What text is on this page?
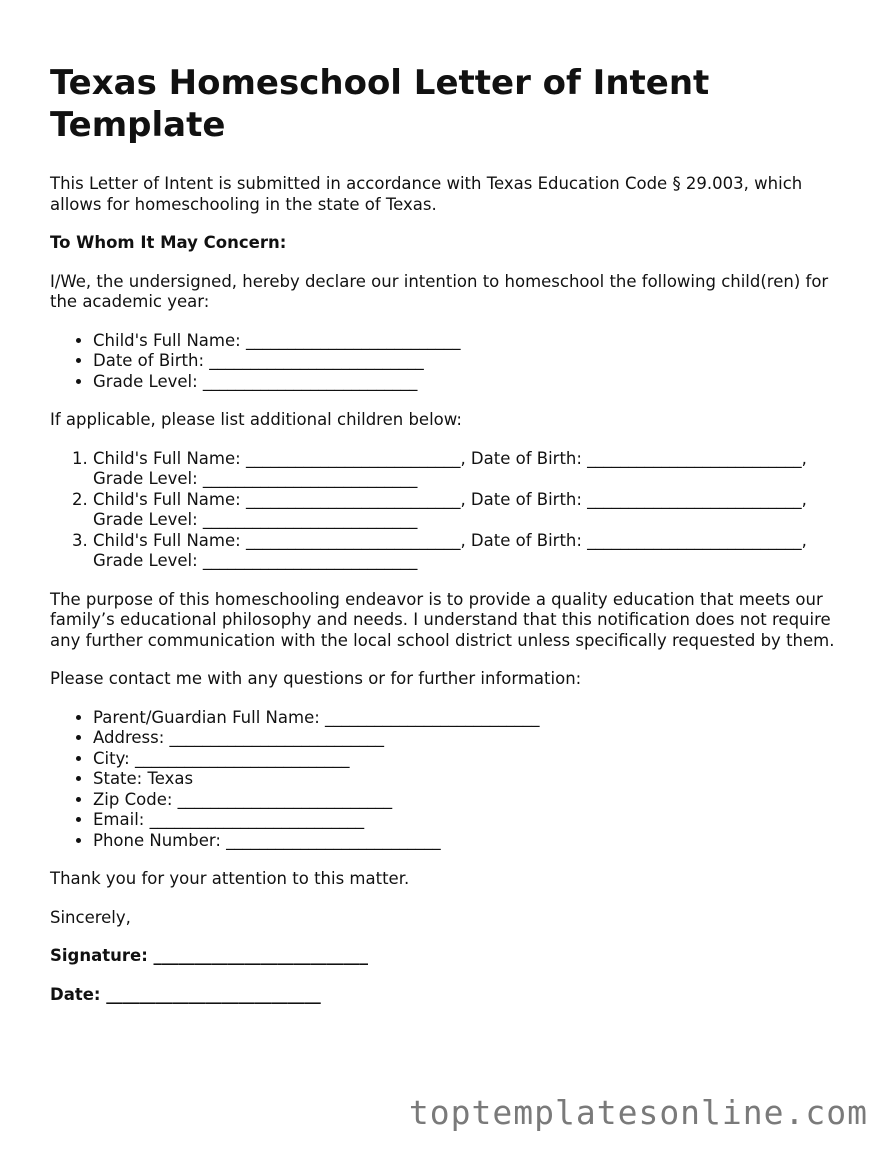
Texas Homeschool Letter of Intent Template

This Letter of Intent is submitted in accordance with Texas Education Code § 29.003, which allows for homeschooling in the state of Texas.

To Whom It May Concern:

I/We, the undersigned, hereby declare our intention to homeschool the following child(ren) for the academic year:

• Child's Full Name: __________________________
• Date of Birth: __________________________
• Grade Level: __________________________

If applicable, please list additional children below:

1. Child's Full Name: __________________________, Date of Birth: __________________________, Grade Level: __________________________
2. Child's Full Name: __________________________, Date of Birth: __________________________, Grade Level: __________________________
3. Child's Full Name: __________________________, Date of Birth: __________________________, Grade Level: __________________________

The purpose of this homeschooling endeavor is to provide a quality education that meets our family’s educational philosophy and needs. I understand that this notification does not require any further communication with the local school district unless specifically requested by them.

Please contact me with any questions or for further information:

• Parent/Guardian Full Name: __________________________
• Address: __________________________
• City: __________________________
• State: Texas
• Zip Code: __________________________
• Email: __________________________
• Phone Number: __________________________

Thank you for your attention to this matter.

Sincerely,

Signature: __________________________

Date: __________________________

toptemplatesonline.com
